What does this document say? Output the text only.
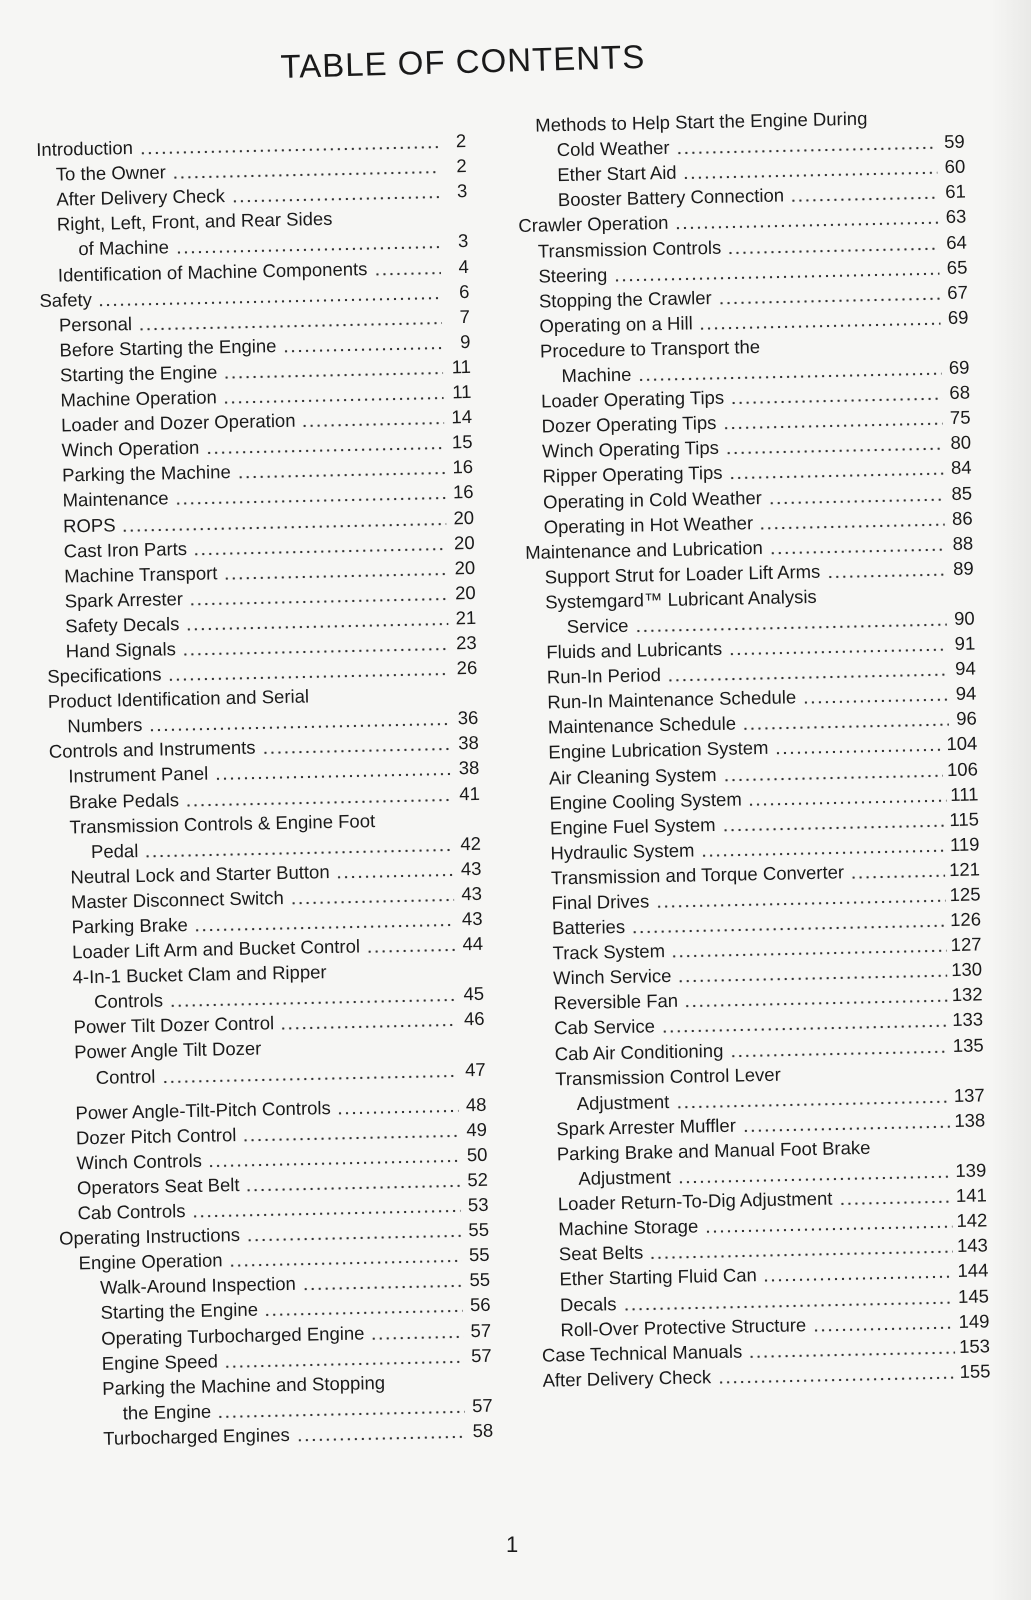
TABLE OF CONTENTS
Introduction	2
To the Owner	2
After Delivery Check	3
Right, Left, Front, and Rear Sides
of Machine	3
Identification of Machine Components	4
Safety	6
Personal	7
Before Starting the Engine	9
Starting the Engine	11
Machine Operation	11
Loader and Dozer Operation	14
Winch Operation	15
Parking the Machine	16
Maintenance	16
ROPS	20
Cast Iron Parts	20
Machine Transport	20
Spark Arrester	20
Safety Decals	21
Hand Signals	23
Specifications	26
Product Identification and Serial
Numbers	36
Controls and Instruments	38
Instrument Panel	38
Brake Pedals	41
Transmission Controls & Engine Foot
Pedal	42
Neutral Lock and Starter Button	43
Master Disconnect Switch	43
Parking Brake	43
Loader Lift Arm and Bucket Control	44
4-In-1 Bucket Clam and Ripper
Controls	45
Power Tilt Dozer Control	46
Power Angle Tilt Dozer
Control	47
Power Angle-Tilt-Pitch Controls	48
Dozer Pitch Control	49
Winch Controls	50
Operators Seat Belt	52
Cab Controls	53
Operating Instructions	55
Engine Operation	55
Walk-Around Inspection	55
Starting the Engine	56
Operating Turbocharged Engine	57
Engine Speed	57
Parking the Machine and Stopping
the Engine	57
Turbocharged Engines	58
Methods to Help Start the Engine During
Cold Weather	59
Ether Start Aid	60
Booster Battery Connection	61
Crawler Operation	63
Transmission Controls	64
Steering	65
Stopping the Crawler	67
Operating on a Hill	69
Procedure to Transport the
Machine	69
Loader Operating Tips	68
Dozer Operating Tips	75
Winch Operating Tips	80
Ripper Operating Tips	84
Operating in Cold Weather	85
Operating in Hot Weather	86
Maintenance and Lubrication	88
Support Strut for Loader Lift Arms	89
Systemgard™ Lubricant Analysis
Service	90
Fluids and Lubricants	91
Run-In Period	94
Run-In Maintenance Schedule	94
Maintenance Schedule	96
Engine Lubrication System	104
Air Cleaning System	106
Engine Cooling System	111
Engine Fuel System	115
Hydraulic System	119
Transmission and Torque Converter	121
Final Drives	125
Batteries	126
Track System	127
Winch Service	130
Reversible Fan	132
Cab Service	133
Cab Air Conditioning	135
Transmission Control Lever
Adjustment	137
Spark Arrester Muffler	138
Parking Brake and Manual Foot Brake
Adjustment	139
Loader Return-To-Dig Adjustment	141
Machine Storage	142
Seat Belts	143
Ether Starting Fluid Can	144
Decals	145
Roll-Over Protective Structure	149
Case Technical Manuals	153
After Delivery Check	155
1
